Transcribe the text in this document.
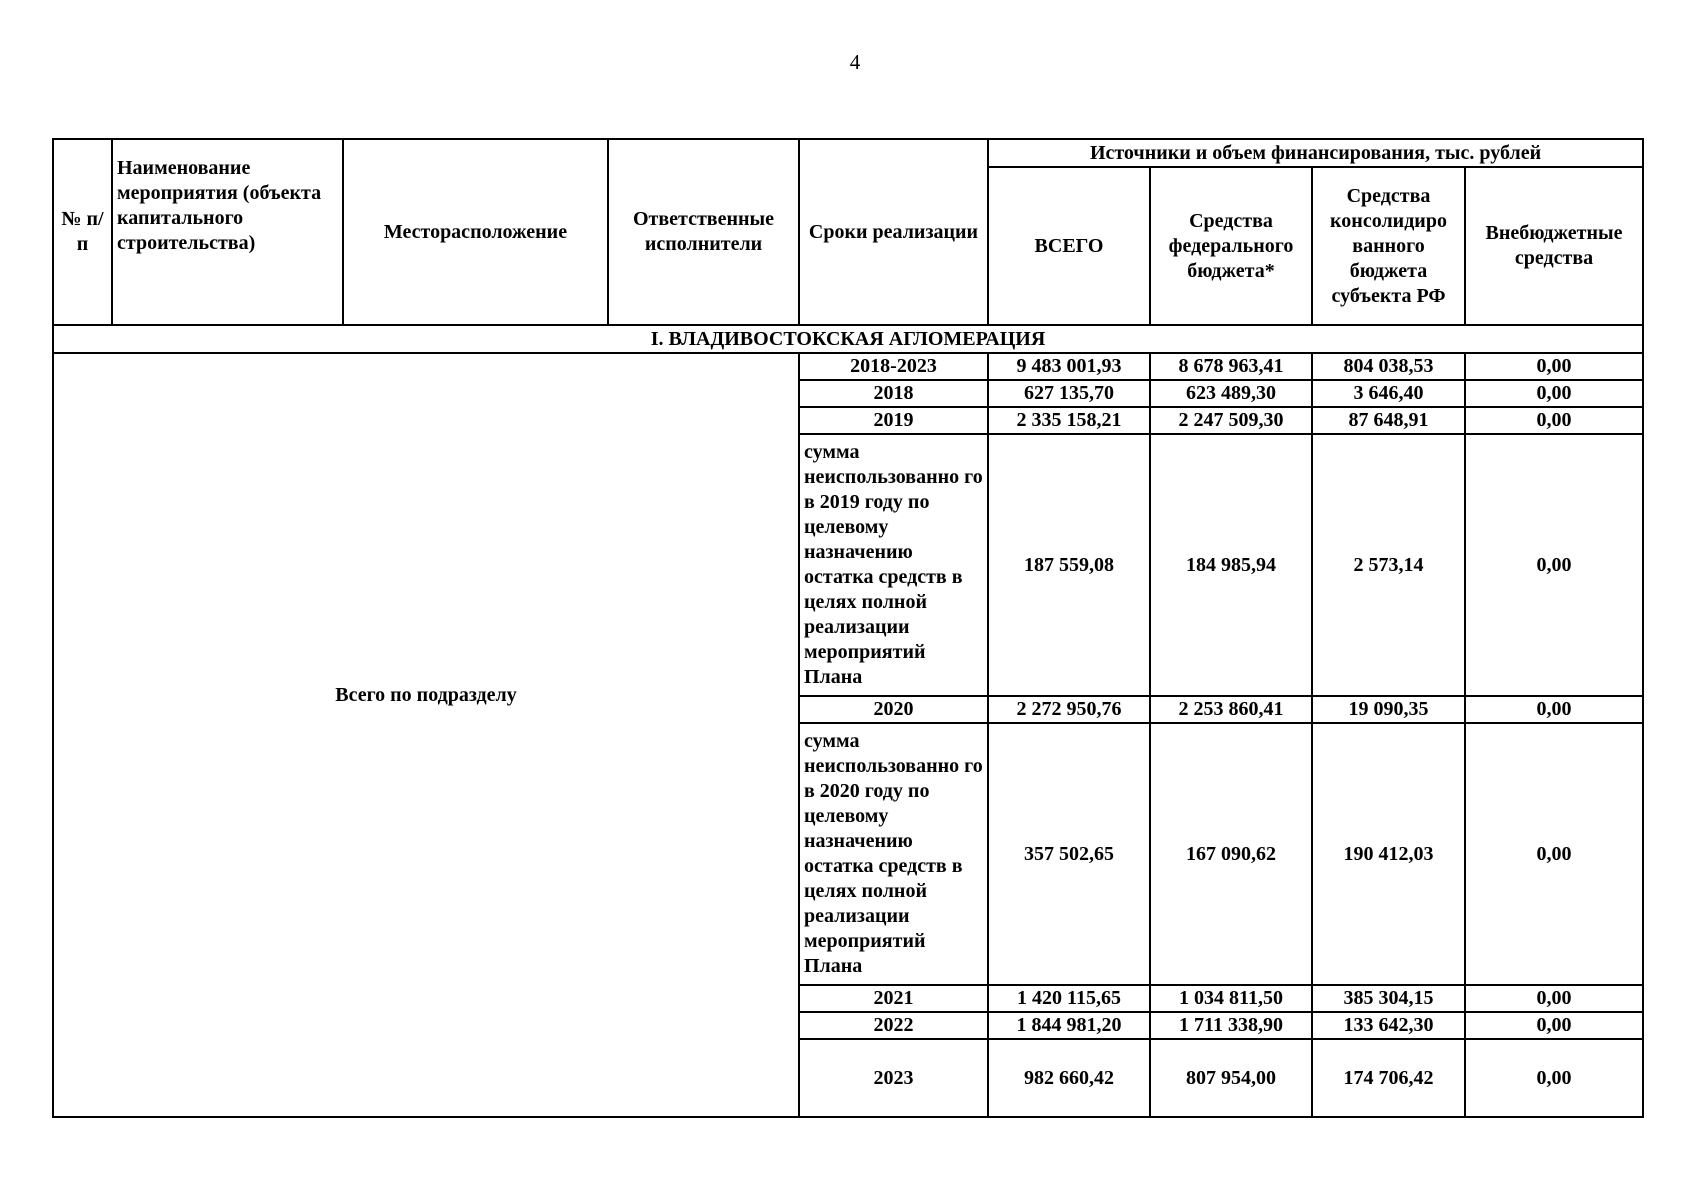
4
№ п/п	Наименование мероприятия (объекта капитального строительства)	Месторасположение	Ответственные исполнители	Сроки реализации	Источники и объем финансирования, тыс. рублей			
					ВСЕГО	Средства федерального бюджета*	Средства консолидиро ванного бюджета субъекта РФ	Внебюджетные средства
I. ВЛАДИВОСТОКСКАЯ АГЛОМЕРАЦИЯ								
Всего по подразделу				2018-2023	9 483 001,93	8 678 963,41	804 038,53	0,00
				2018	627 135,70	623 489,30	3 646,40	0,00
				2019	2 335 158,21	2 247 509,30	87 648,91	0,00
				сумма неиспользованно го в 2019 году по целевому назначению остатка средств в целях полной реализации мероприятий Плана	187 559,08	184 985,94	2 573,14	0,00
				2020	2 272 950,76	2 253 860,41	19 090,35	0,00
				сумма неиспользованно го в 2020 году по целевому назначению остатка средств в целях полной реализации мероприятий Плана	357 502,65	167 090,62	190 412,03	0,00
				2021	1 420 115,65	1 034 811,50	385 304,15	0,00
				2022	1 844 981,20	1 711 338,90	133 642,30	0,00
				2023	982 660,42	807 954,00	174 706,42	0,00
